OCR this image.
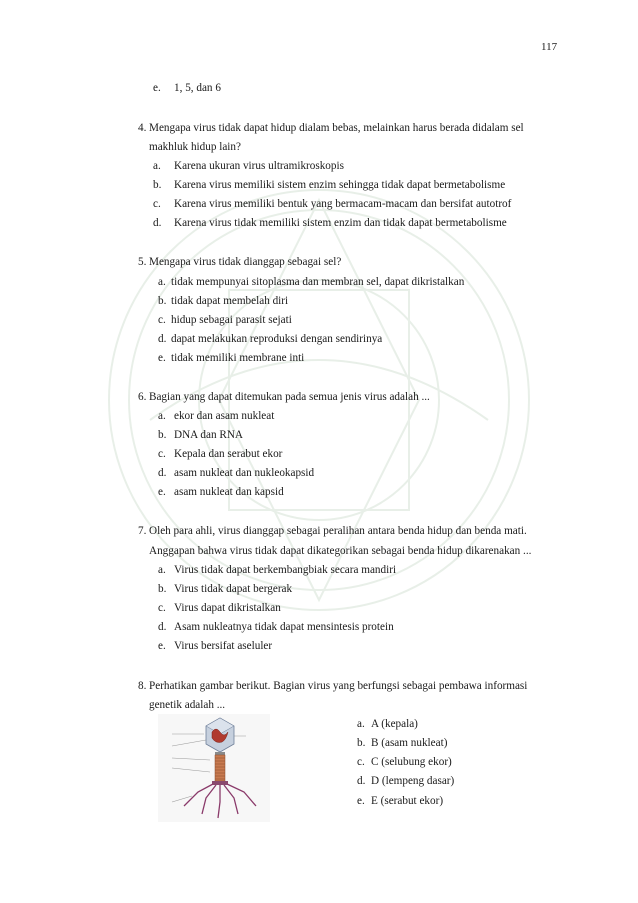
117
e. 1, 5, dan 6
4. Mengapa virus tidak dapat hidup dialam bebas, melainkan harus berada didalam sel
makhluk hidup lain?
a. Karena ukuran virus ultramikroskopis
b. Karena virus memiliki sistem enzim sehingga tidak dapat bermetabolisme
c. Karena virus memiliki bentuk yang bermacam-macam dan bersifat autotrof
d. Karena virus tidak memiliki sistem enzim dan tidak dapat bermetabolisme
5. Mengapa virus tidak dianggap sebagai sel?
a. tidak mempunyai sitoplasma dan membran sel, dapat dikristalkan
b. tidak dapat membelah diri
c. hidup sebagai parasit sejati
d. dapat melakukan reproduksi dengan sendirinya
e. tidak memiliki membrane inti
6. Bagian yang dapat ditemukan pada semua jenis virus adalah ...
a. ekor dan asam nukleat
b. DNA dan RNA
c. Kepala dan serabut ekor
d. asam nukleat dan nukleokapsid
e. asam nukleat dan kapsid
7. Oleh para ahli, virus dianggap sebagai peralihan antara benda hidup dan benda mati.
Anggapan bahwa virus tidak dapat dikategorikan sebagai benda hidup dikarenakan ...
a. Virus tidak dapat berkembangbiak secara mandiri
b. Virus tidak dapat bergerak
c. Virus dapat dikristalkan
d. Asam nukleatnya tidak dapat mensintesis protein
e. Virus bersifat aseluler
8. Perhatikan gambar berikut. Bagian virus yang berfungsi sebagai pembawa informasi
genetik adalah ...
a. A (kepala)
b. B (asam nukleat)
c. C (selubung ekor)
d. D (lempeng dasar)
e. E (serabut ekor)
